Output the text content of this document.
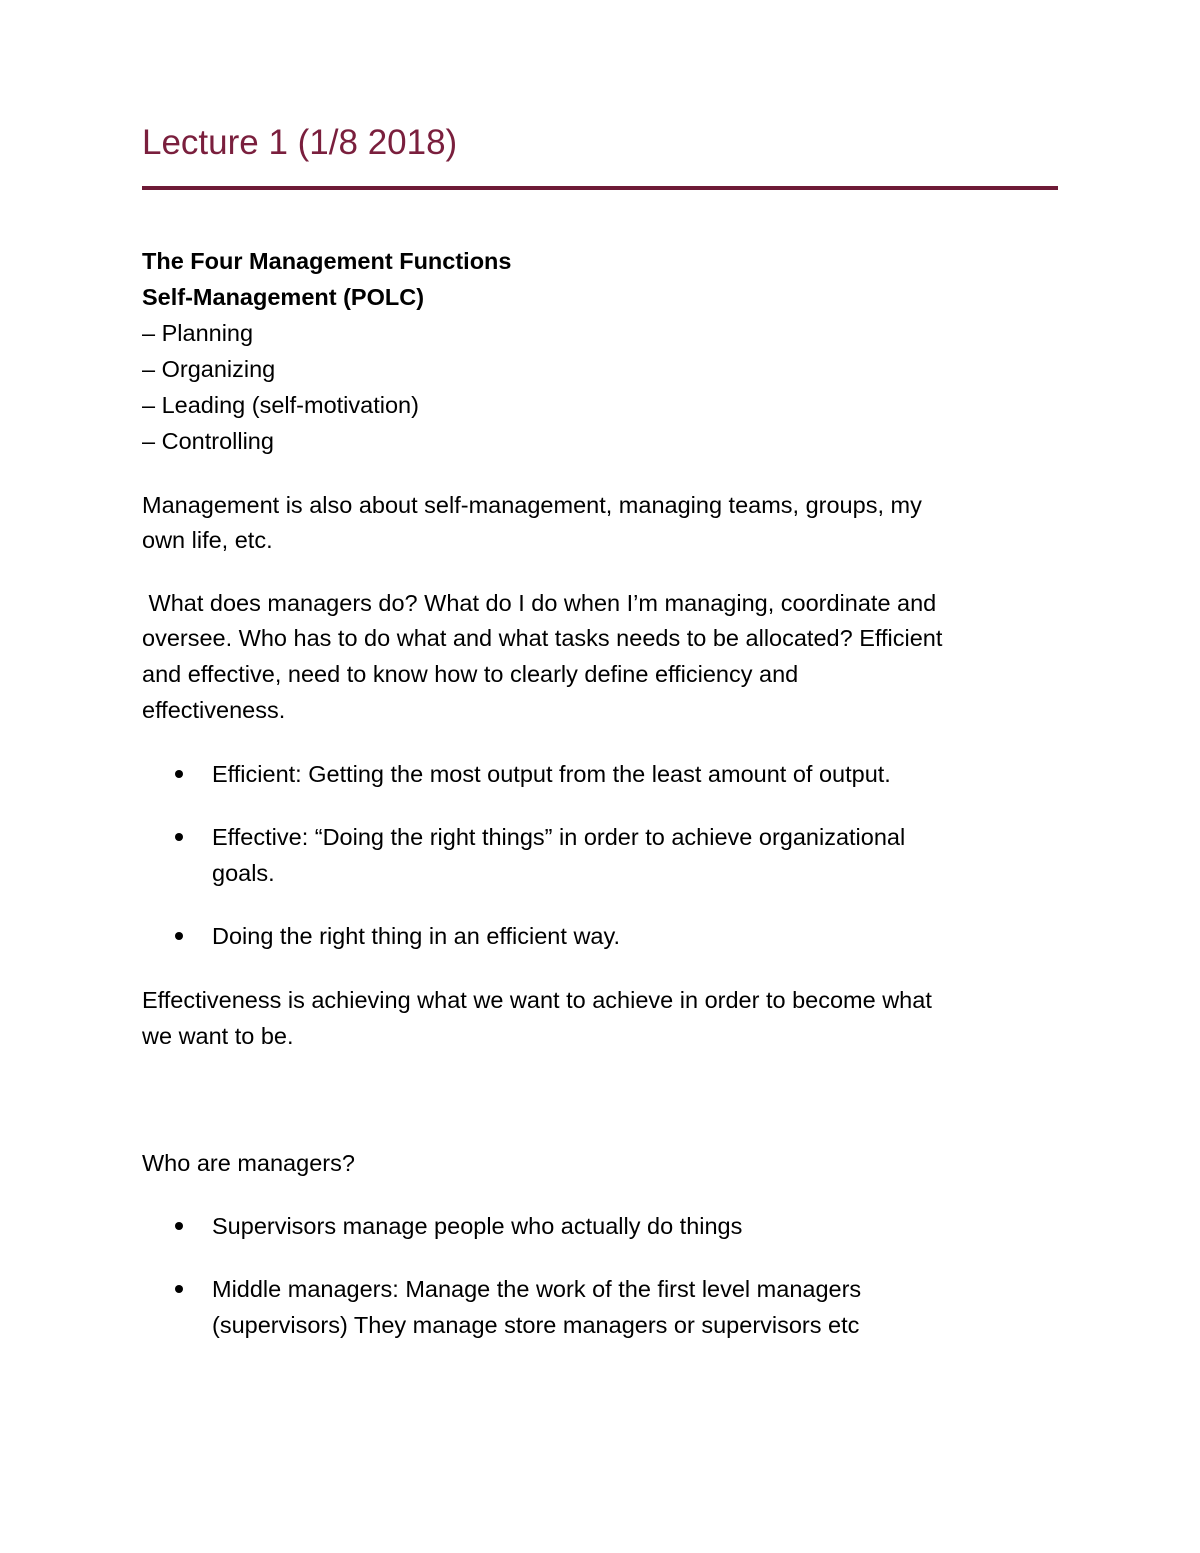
Lecture 1 (1/8 2018)

The Four Management Functions

Self-Management (POLC)

– Planning

– Organizing

– Leading (self-motivation)

– Controlling

Management is also about self-management, managing teams, groups, my

own life, etc.

What does managers do? What do I do when I’m managing, coordinate and

oversee. Who has to do what and what tasks needs to be allocated? Efficient

and effective, need to know how to clearly define efficiency and

effectiveness.

Efficient: Getting the most output from the least amount of output.
Effective: “Doing the right things” in order to achieve organizational
goals.
Doing the right thing in an efficient way.

Effectiveness is achieving what we want to achieve in order to become what

we want to be.

Who are managers?

Supervisors manage people who actually do things
Middle managers: Manage the work of the first level managers
(supervisors) They manage store managers or supervisors etc
